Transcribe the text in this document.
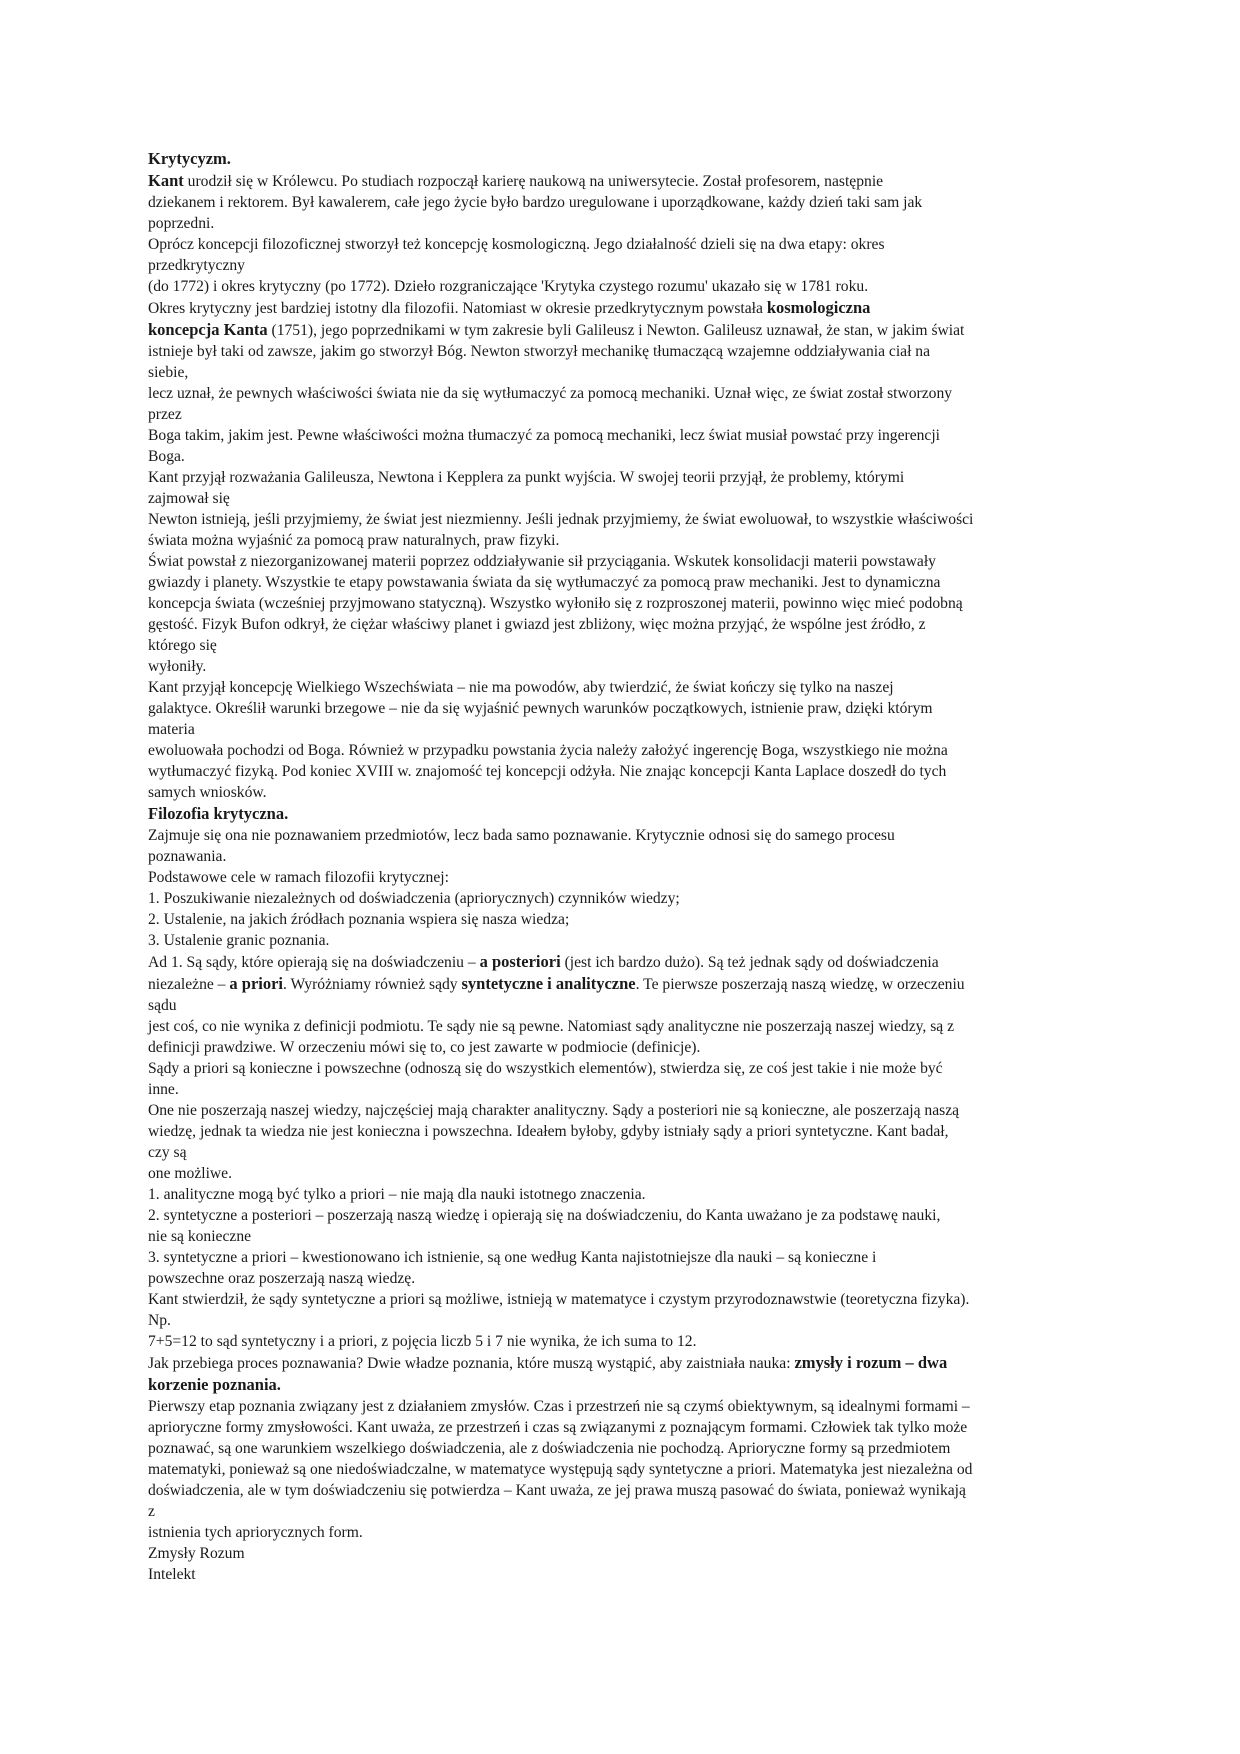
Krytycyzm.
Kant urodził się w Królewcu. Po studiach rozpoczął karierę naukową na uniwersytecie. Został profesorem, następnie
dziekanem i rektorem. Był kawalerem, całe jego życie było bardzo uregulowane i uporządkowane, każdy dzień taki sam jak
poprzedni.
Oprócz koncepcji filozoficznej stworzył też koncepcję kosmologiczną. Jego działalność dzieli się na dwa etapy: okres
przedkrytyczny
(do 1772) i okres krytyczny (po 1772). Dzieło rozgraniczające 'Krytyka czystego rozumu' ukazało się w 1781 roku.
Okres krytyczny jest bardziej istotny dla filozofii. Natomiast w okresie przedkrytycznym powstała kosmologiczna
koncepcja Kanta (1751), jego poprzednikami w tym zakresie byli Galileusz i Newton. Galileusz uznawał, że stan, w jakim świat
istnieje był taki od zawsze, jakim go stworzył Bóg. Newton stworzył mechanikę tłumaczącą wzajemne oddziaływania ciał na
siebie,
lecz uznał, że pewnych właściwości świata nie da się wytłumaczyć za pomocą mechaniki. Uznał więc, ze świat został stworzony
przez
Boga takim, jakim jest. Pewne właściwości można tłumaczyć za pomocą mechaniki, lecz świat musiał powstać przy ingerencji
Boga.
Kant przyjął rozważania Galileusza, Newtona i Kepplera za punkt wyjścia. W swojej teorii przyjął, że problemy, którymi
zajmował się
Newton istnieją, jeśli przyjmiemy, że świat jest niezmienny. Jeśli jednak przyjmiemy, że świat ewoluował, to wszystkie właściwości
świata można wyjaśnić za pomocą praw naturalnych, praw fizyki.
Świat powstał z niezorganizowanej materii poprzez oddziaływanie sił przyciągania. Wskutek konsolidacji materii powstawały
gwiazdy i planety. Wszystkie te etapy powstawania świata da się wytłumaczyć za pomocą praw mechaniki. Jest to dynamiczna
koncepcja świata (wcześniej przyjmowano statyczną). Wszystko wyłoniło się z rozproszonej materii, powinno więc mieć podobną
gęstość. Fizyk Bufon odkrył, że ciężar właściwy planet i gwiazd jest zbliżony, więc można przyjąć, że wspólne jest źródło, z
którego się
wyłoniły.
Kant przyjął koncepcję Wielkiego Wszechświata – nie ma powodów, aby twierdzić, że świat kończy się tylko na naszej
galaktyce. Określił warunki brzegowe – nie da się wyjaśnić pewnych warunków początkowych, istnienie praw, dzięki którym
materia
ewoluowała pochodzi od Boga. Również w przypadku powstania życia należy założyć ingerencję Boga, wszystkiego nie można
wytłumaczyć fizyką. Pod koniec XVIII w. znajomość tej koncepcji odżyła. Nie znając koncepcji Kanta Laplace doszedł do tych
samych wniosków.
Filozofia krytyczna.
Zajmuje się ona nie poznawaniem przedmiotów, lecz bada samo poznawanie. Krytycznie odnosi się do samego procesu
poznawania.
Podstawowe cele w ramach filozofii krytycznej:
1. Poszukiwanie niezależnych od doświadczenia (apriorycznych) czynników wiedzy;
2. Ustalenie, na jakich źródłach poznania wspiera się nasza wiedza;
3. Ustalenie granic poznania.
Ad 1. Są sądy, które opierają się na doświadczeniu – a posteriori (jest ich bardzo dużo). Są też jednak sądy od doświadczenia
niezależne – a priori. Wyróżniamy również sądy syntetyczne i analityczne. Te pierwsze poszerzają naszą wiedzę, w orzeczeniu
sądu
jest coś, co nie wynika z definicji podmiotu. Te sądy nie są pewne. Natomiast sądy analityczne nie poszerzają naszej wiedzy, są z
definicji prawdziwe. W orzeczeniu mówi się to, co jest zawarte w podmiocie (definicje).
Sądy a priori są konieczne i powszechne (odnoszą się do wszystkich elementów), stwierdza się, ze coś jest takie i nie może być
inne.
One nie poszerzają naszej wiedzy, najczęściej mają charakter analityczny. Sądy a posteriori nie są konieczne, ale poszerzają naszą
wiedzę, jednak ta wiedza nie jest konieczna i powszechna. Ideałem byłoby, gdyby istniały sądy a priori syntetyczne. Kant badał,
czy są
one możliwe.
1. analityczne mogą być tylko a priori – nie mają dla nauki istotnego znaczenia.
2. syntetyczne a posteriori – poszerzają naszą wiedzę i opierają się na doświadczeniu, do Kanta uważano je za podstawę nauki,
nie są konieczne
3. syntetyczne a priori – kwestionowano ich istnienie, są one według Kanta najistotniejsze dla nauki – są konieczne i
powszechne oraz poszerzają naszą wiedzę.
Kant stwierdził, że sądy syntetyczne a priori są możliwe, istnieją w matematyce i czystym przyrodoznawstwie (teoretyczna fizyka).
Np.
7+5=12 to sąd syntetyczny i a priori, z pojęcia liczb 5 i 7 nie wynika, że ich suma to 12.
Jak przebiega proces poznawania? Dwie władze poznania, które muszą wystąpić, aby zaistniała nauka: zmysły i rozum – dwa
korzenie poznania.
Pierwszy etap poznania związany jest z działaniem zmysłów. Czas i przestrzeń nie są czymś obiektywnym, są idealnymi formami –
aprioryczne formy zmysłowości. Kant uważa, ze przestrzeń i czas są związanymi z poznającym formami. Człowiek tak tylko może
poznawać, są one warunkiem wszelkiego doświadczenia, ale z doświadczenia nie pochodzą. Aprioryczne formy są przedmiotem
matematyki, ponieważ są one niedoświadczalne, w matematyce występują sądy syntetyczne a priori. Matematyka jest niezależna od
doświadczenia, ale w tym doświadczeniu się potwierdza – Kant uważa, ze jej prawa muszą pasować do świata, ponieważ wynikają
z
istnienia tych apriorycznych form.
Zmysły Rozum
Intelekt
